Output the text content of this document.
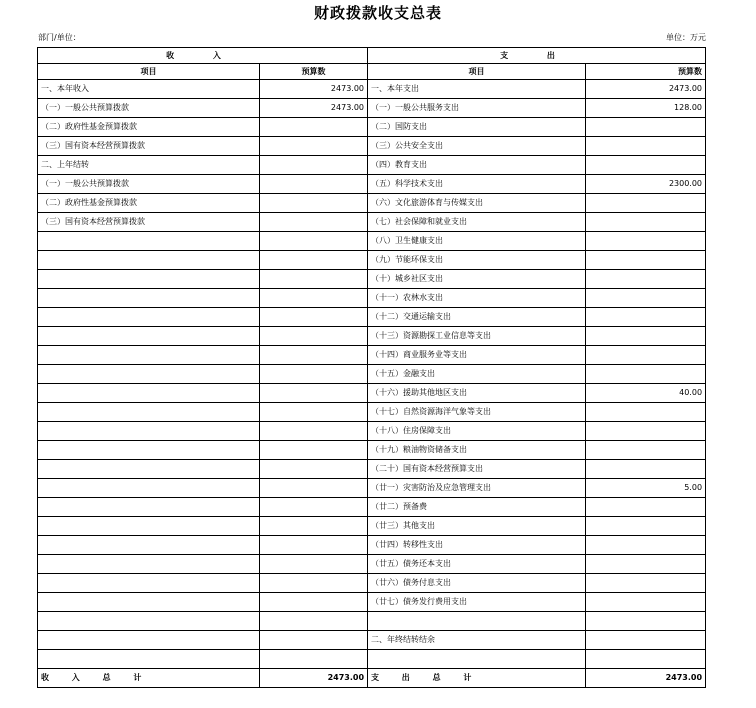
财政拨款收支总表
部门/单位：	单位：万元
收 入		支 出	
项目	预算数	项目	预算数
一、本年收入	2473.00	一、本年支出	2473.00
（一）一般公共预算拨款	2473.00	（一）一般公共服务支出	128.00
（二）政府性基金预算拨款		（二）国防支出	
（三）国有资本经营预算拨款		（三）公共安全支出	
二、上年结转		（四）教育支出	
（一）一般公共预算拨款		（五）科学技术支出	2300.00
（二）政府性基金预算拨款		（六）文化旅游体育与传媒支出	
（三）国有资本经营预算拨款		（七）社会保障和就业支出	
		（八）卫生健康支出	
		（九）节能环保支出	
		（十）城乡社区支出	
		（十一）农林水支出	
		（十二）交通运输支出	
		（十三）资源勘探工业信息等支出	
		（十四）商业服务业等支出	
		（十五）金融支出	
		（十六）援助其他地区支出	40.00
		（十七）自然资源海洋气象等支出	
		（十八）住房保障支出	
		（十九）粮油物资储备支出	
		（二十）国有资本经营预算支出	
		（廿一）灾害防治及应急管理支出	5.00
		（廿二）预备费	
		（廿三）其他支出	
		（廿四）转移性支出	
		（廿五）债务还本支出	
		（廿六）债务付息支出	
		（廿七）债务发行费用支出	

		二、年终结转结余	

收 入 总 计	2473.00	支 出 总 计	2473.00
